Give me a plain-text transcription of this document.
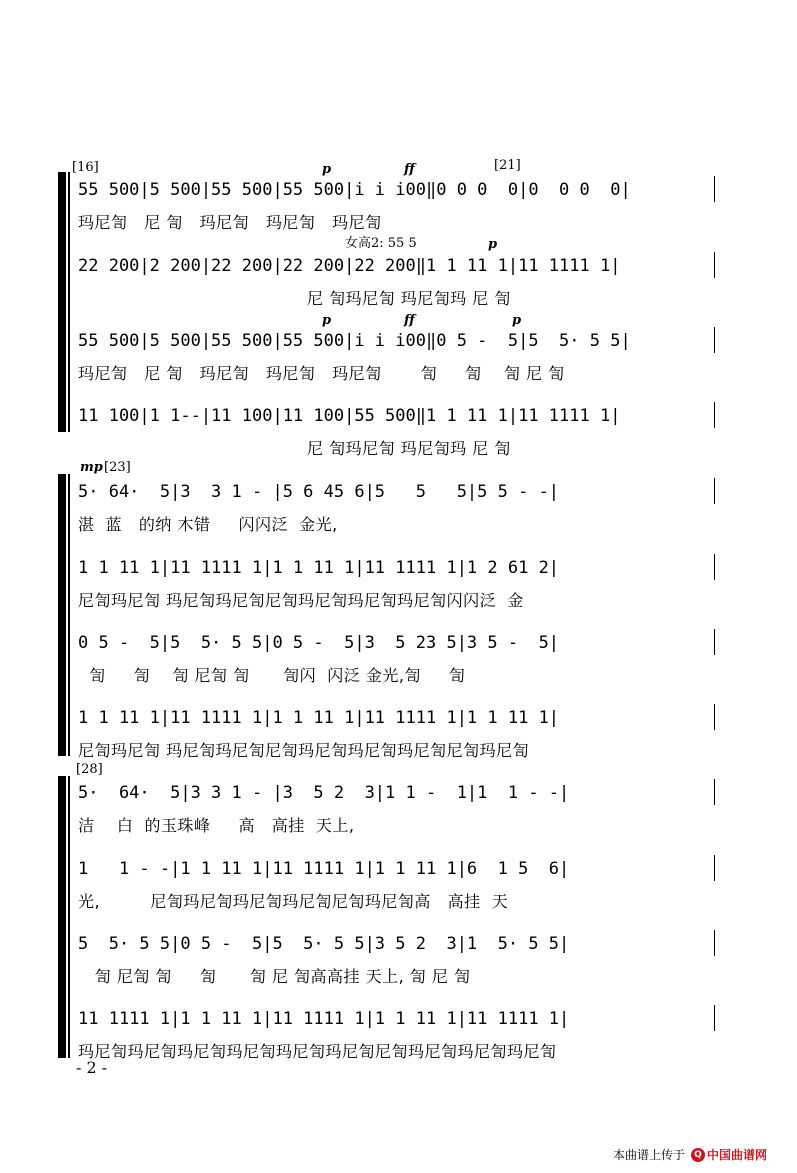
[16]	[21]
p	ff
p	ff	p
p
女高2: 55 5
55 500|5 500|55 500|55 500|i i i00‖0 0 0  0|0  0 0  0|
玛尼訇   尼 訇   玛尼訇   玛尼訇   玛尼訇
22 200|2 200|22 200|22 200|22 200‖1 1 11 1|11 1111 1|
尼 訇玛尼訇 玛尼訇玛 尼 訇
55 500|5 500|55 500|55 500|i i i00‖0 5 -  5|5  5· 5 5|
玛尼訇   尼 訇   玛尼訇   玛尼訇   玛尼訇       訇     訇    訇 尼 訇
11 100|1 1--|11 100|11 100|55 500‖1 1 11 1|11 1111 1|
尼 訇玛尼訇 玛尼訇玛 尼 訇
[23]
mp
5· 64·  5|3  3 1 - |5 6 45 6|5   5   5|5 5 - -|
湛  蓝   的纳 木错     闪闪泛  金光,
1 1 11 1|11 1111 1|1 1 11 1|11 1111 1|1 2 61 2|
尼訇玛尼訇 玛尼訇玛尼訇尼訇玛尼訇玛尼訇玛尼訇闪闪泛  金
0 5 -  5|5  5· 5 5|0 5 -  5|3  5 23 5|3 5 -  5|
訇     訇    訇 尼訇 訇      訇闪  闪泛 金光,訇     訇
1 1 11 1|11 1111 1|1 1 11 1|11 1111 1|1 1 11 1|
尼訇玛尼訇 玛尼訇玛尼訇尼訇玛尼訇玛尼訇玛尼訇尼訇玛尼訇
[28]
5·  64·  5|3 3 1 - |3  5 2  3|1 1 -  1|1  1 - -|
洁    白  的玉珠峰     高   高挂  天上,
1   1 - -|1 1 11 1|11 1111 1|1 1 11 1|6  1 5  6|
光,         尼訇玛尼訇玛尼訇玛尼訇尼訇玛尼訇高   高挂  天
5  5· 5 5|0 5 -  5|5  5· 5 5|3 5 2  3|1  5· 5 5|
訇 尼訇 訇     訇      訇 尼 訇高高挂 天上, 訇 尼 訇
11 1111 1|1 1 11 1|11 1111 1|1 1 11 1|11 1111 1|
玛尼訇玛尼訇玛尼訇玛尼訇玛尼訇玛尼訇尼訇玛尼訇玛尼訇玛尼訇
- 2 -
本曲谱上传于	Q 中国曲谱网
